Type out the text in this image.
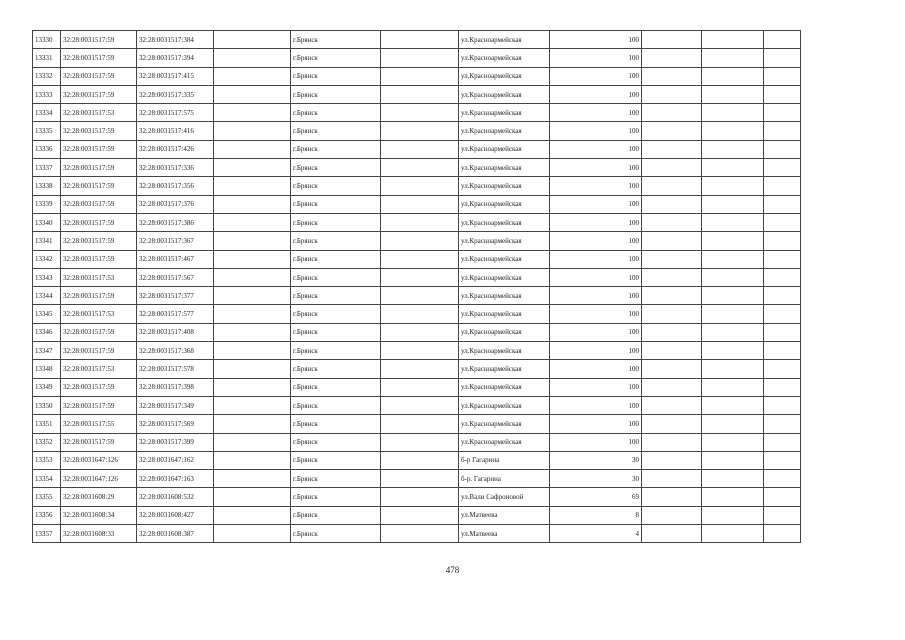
13330	32:28:0031517:59	32:28:0031517:384		г.Брянск		ул.Красноармейская	100			
13331	32:28:0031517:59	32:28:0031517:394		г.Брянск		ул.Красноармейская	100			
13332	32:28:0031517:59	32:28:0031517:415		г.Брянск		ул.Красноармейская	100			
13333	32:28:0031517:59	32:28:0031517:335		г.Брянск		ул.Красноармейская	100			
13334	32:28:0031517:53	32:28:0031517:575		г.Брянск		ул.Красноармейская	100			
13335	32:28:0031517:59	32:28:0031517:416		г.Брянск		ул.Красноармейская	100			
13336	32:28:0031517:59	32:28:0031517:426		г.Брянск		ул.Красноармейская	100			
13337	32:28:0031517:59	32:28:0031517:336		г.Брянск		ул.Красноармейская	100			
13338	32:28:0031517:59	32:28:0031517:356		г.Брянск		ул.Красноармейская	100			
13339	32:28:0031517:59	32:28:0031517:376		г.Брянск		ул.Красноармейская	100			
13340	32:28:0031517:59	32:28:0031517:386		г.Брянск		ул.Красноармейская	100			
13341	32:28:0031517:59	32:28:0031517:367		г.Брянск		ул.Красноармейская	100			
13342	32:28:0031517:59	32:28:0031517:467		г.Брянск		ул.Красноармейская	100			
13343	32:28:0031517:53	32:28:0031517:567		г.Брянск		ул.Красноармейская	100			
13344	32:28:0031517:59	32:28:0031517:377		г.Брянск		ул.Красноармейская	100			
13345	32:28:0031517:53	32:28:0031517:577		г.Брянск		ул.Красноармейская	100			
13346	32:28:0031517:59	32:28:0031517:408		г.Брянск		ул.Красноармейская	100			
13347	32:28:0031517:59	32:28:0031517:368		г.Брянск		ул.Красноармейская	100			
13348	32:28:0031517:53	32:28:0031517:578		г.Брянск		ул.Красноармейская	100			
13349	32:28:0031517:59	32:28:0031517:398		г.Брянск		ул.Красноармейская	100			
13350	32:28:0031517:59	32:28:0031517:349		г.Брянск		ул.Красноармейская	100			
13351	32:28:0031517:55	32:28:0031517:569		г.Брянск		ул.Красноармейская	100			
13352	32:28:0031517:59	32:28:0031517:399		г.Брянск		ул.Красноармейская	100			
13353	32:28:0031647:126	32:28:0031647:162		г.Брянск		б-р Гагарина	30			
13354	32:28:0031647:126	32:28:0031647:163		г.Брянск		б-р. Гагарина	30			
13355	32:28:0031608:29	32:28:0031608:532		г.Брянск		ул.Вали Сафроновой	69			
13356	32:28:0031608:34	32:28:0031608:427		г.Брянск		ул.Матвеева	8			
13357	32:28:0031608:33	32:28:0031608:387		г.Брянск		ул.Матвеева	4			
478
